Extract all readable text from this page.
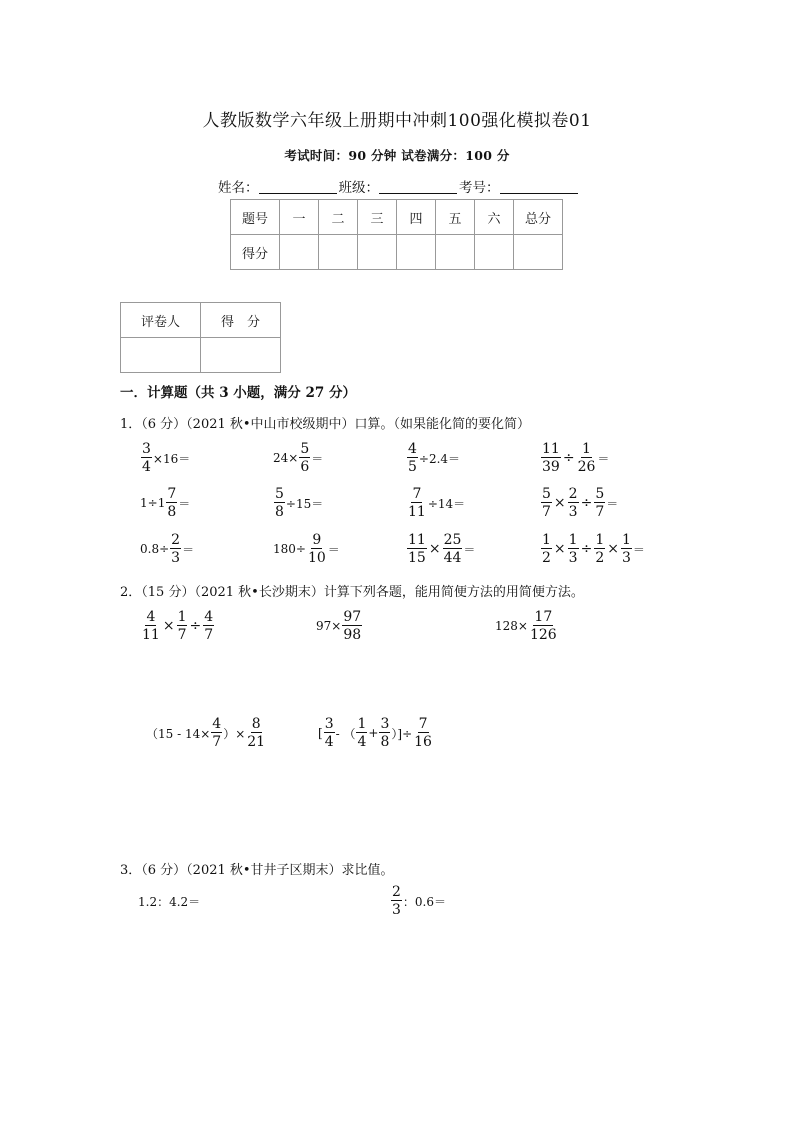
人教版数学六年级上册期中冲刺100强化模拟卷01
考试时间：90 分钟 试卷满分：100 分
姓名：	班级：	考号：
题号	一	二	三	四	五	六	总分
得分							
评卷人	得　分

一．计算题（共 3 小题，满分 27 分）
1．（6 分）（2021 秋•中山市校级期中）口算。（如果能化简的要化简）
$\frac{3}{4} \times 16=$	$24\times \frac{5}{6}$ ＝	$\frac{4}{5} \div 2.4=$	$\frac{11}{39} \div \frac{1}{26}$ ＝
$1\div 1 \frac{7}{8}$ ＝	$\frac{5}{8} \div 15=$	$\frac{7}{11} \div 14=$	$\frac{5}{7} \times \frac{2}{3} \div \frac{5}{7}$ ＝
$0.8\div \frac{2}{3}$ ＝	$180\div \frac{9}{10}$ ＝	$\frac{11}{15} \times \frac{25}{44}$ ＝	$\frac{1}{2} \times \frac{1}{3} \div \frac{1}{2} \times \frac{1}{3}$ ＝
2．（15 分）（2021 秋•长沙期末）计算下列各题，能用简便方法的用简便方法。
$\frac{4}{11} \times \frac{1}{7} \div \frac{4}{7}$	$97\times \frac{97}{98}$	$128\times \frac{17}{126}$
（$15 - 14\times \frac{4}{7}$ ）× $\frac{8}{21}$	[ $\frac{3}{4}$ - （ $\frac{1}{4} + \frac{3}{8}$ ）]÷ $\frac{7}{16}$
3．（6 分）（2021 秋•甘井子区期末）求比值。
1.2：4.2＝	$\frac{2}{3}$ ：0.6＝
